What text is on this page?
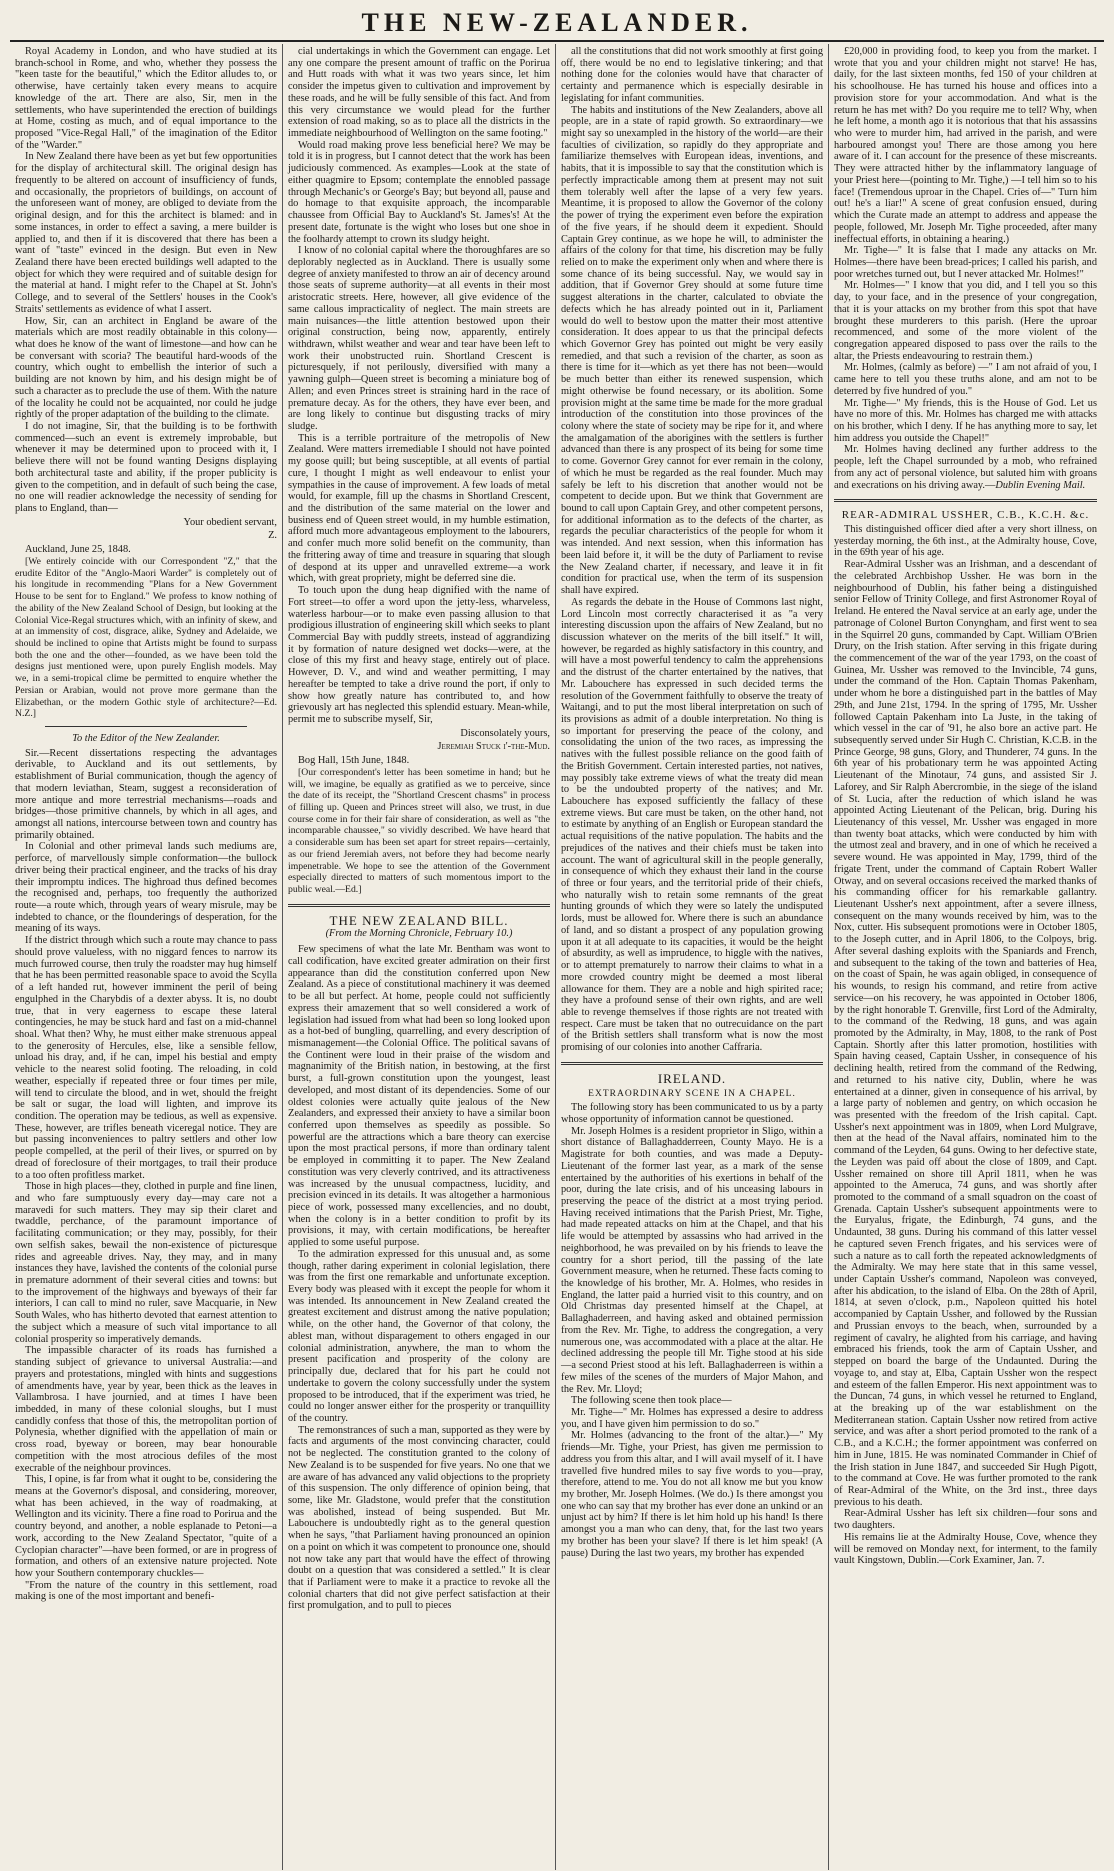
THE NEW-ZEALANDER.

Royal Academy in London, and who have studied at its branch-school in Rome, and who, whether they possess the "keen taste for the beautiful," which the Editor alludes to, or otherwise, have certainly taken every means to acquire knowledge of the art. There are also, Sir, men in the settlements, who have superintended the erection of buildings at Home, costing as much, and of equal importance to the proposed "Vice-Regal Hall," of the imagination of the Editor of the "Warder."

In New Zealand there have been as yet but few opportunities for the display of architectural skill. The original design has frequently to be altered on account of insufficiency of funds, and occasionally, the proprietors of buildings, on account of the unforeseen want of money, are obliged to deviate from the original design, and for this the architect is blamed: and in some instances, in order to effect a saving, a mere builder is applied to, and then if it is discovered that there has been a want of "taste" evinced in the design. But even in New Zealand there have been erected buildings well adapted to the object for which they were required and of suitable design for the material at hand. I might refer to the Chapel at St. John's College, and to several of the Settlers' houses in the Cook's Straits' settlements as evidence of what I assert.

How, Sir, can an architect in England be aware of the materials which are most readily obtainable in this colony—what does he know of the want of limestone—and how can he be conversant with scoria? The beautiful hard-woods of the country, which ought to embellish the interior of such a building are not known by him, and his design might be of such a character as to preclude the use of them. With the nature of the locality he could not be acquainted, nor could he judge rightly of the proper adaptation of the building to the climate.

I do not imagine, Sir, that the building is to be forthwith commenced—such an event is extremely improbable, but whenever it may be determined upon to proceed with it, I believe there will not be found wanting Designs displaying both architectural taste and ability, if the proper publicity is given to the competition, and in default of such being the case, no one will readier acknowledge the necessity of sending for plans to England, than—

Your obedient servant,
Z.

Auckland, June 25, 1848.

[We entirely coincide with our Correspondent "Z," that the erudite Editor of the "Anglo-Maori Warder" is completely out of his longitude in recommending "Plans for a New Government House to be sent for to England." We profess to know nothing of the ability of the New Zealand School of Design, but looking at the Colonial Vice-Regal structures which, with an infinity of skew, and at an immensity of cost, disgrace, alike, Sydney and Adelaide, we should be inclined to opine that Artists might be found to surpass both the one and the other—founded, as we have been told the designs just mentioned were, upon purely English models. May we, in a semi-tropical clime be permitted to enquire whether the Persian or Arabian, would not prove more germane than the Elizabethan, or the modern Gothic style of architecture?—Ed. N.Z.]

To the Editor of the New Zealander.

Sir.—Recent dissertations respecting the advantages derivable, to Auckland and its out settlements, by establishment of Burial communication, though the agency of that modern leviathan, Steam, suggest a reconsideration of more antique and more terrestrial mechanisms—roads and bridges—those primitive channels, by which in all ages, and amongst all nations, intercourse between town and country has primarily obtained.

In Colonial and other primeval lands such mediums are, perforce, of marvellously simple conformation—the bullock driver being their practical engineer, and the tracks of his dray their impromptu indices. The highroad thus defined becomes the recognised and, perhaps, too frequently the authorized route—a route which, through years of weary misrule, may be indebted to chance, or the flounderings of desperation, for the meaning of its ways.

If the district through which such a route may chance to pass should prove valueless, with no niggard fences to narrow its much furrowed course, then truly the roadster may hug himself that he has been permitted reasonable space to avoid the Scylla of a left handed rut, however imminent the peril of being engulphed in the Charybdis of a dexter abyss. It is, no doubt true, that in very eagerness to escape these lateral contingencies, he may be stuck hard and fast on a mid-channel shoal. What then? Why, he must either make strenuous appeal to the generosity of Hercules, else, like a sensible fellow, unload his dray, and, if he can, impel his bestial and empty vehicle to the nearest solid footing. The reloading, in cold weather, especially if repeated three or four times per mile, will tend to circulate the blood, and in wet, should the freight be salt or sugar, the load will lighten, and improve its condition. The operation may be tedious, as well as expensive. These, however, are trifles beneath viceregal notice. They are but passing inconveniences to paltry settlers and other low people compelled, at the peril of their lives, or spurred on by dread of foreclosure of their mortgages, to trail their produce to a too often profitless market.

Those in high places—they, clothed in purple and fine linen, and who fare sumptuously every day—may care not a maravedi for such matters. They may sip their claret and twaddle, perchance, of the paramount importance of facilitating communication; or they may, possibly, for their own selfish sakes, bewail the non-existence of picturesque rides and agreeable drives. Nay, they may, and in many instances they have, lavished the contents of the colonial purse in premature adornment of their several cities and towns: but to the improvement of the highways and byeways of their far interiors, I can call to mind no ruler, save Macquarie, in New South Wales, who has hitherto devoted that earnest attention to the subject which a measure of such vital importance to all colonial prosperity so imperatively demands.

The impassible character of its roads has furnished a standing subject of grievance to universal Australia:—and prayers and protestations, mingled with hints and suggestions of amendments have, year by year, been thick as the leaves in Vallambrosa. I have journied, and at times I have been imbedded, in many of these colonial sloughs, but I must candidly confess that those of this, the metropolitan portion of Polynesia, whether dignified with the appellation of main or cross road, byeway or boreen, may bear honourable competition with the most atrocious defiles of the most execrable of the neighbour provinces.

This, I opine, is far from what it ought to be, considering the means at the Governor's disposal, and considering, moreover, what has been achieved, in the way of roadmaking, at Wellington and its vicinity. There a fine road to Porirua and the country beyond, and another, a noble esplanade to Petoni—a work, according to the New Zealand Spectator, "quite of a Cyclopian character"—have been formed, or are in progress of formation, and others of an extensive nature projected. Note how your Southern contemporary chuckles—

"From the nature of the country in this settlement, road making is one of the most important and benefi-

cial undertakings in which the Government can engage. Let any one compare the present amount of traffic on the Porirua and Hutt roads with what it was two years since, let him consider the impetus given to cultivation and improvement by these roads, and he will be fully sensible of this fact. And from this very circumstance we would plead for the further extension of road making, so as to place all the districts in the immediate neighbourhood of Wellington on the same footing."

Would road making prove less beneficial here? We may be told it is in progress, but I cannot detect that the work has been judiciously commenced. As examples—Look at the state of either quagmire to Epsom; contemplate the ennobled passage through Mechanic's or George's Bay; but beyond all, pause and do homage to that exquisite approach, the incomparable chaussee from Official Bay to Auckland's St. James's! At the present date, fortunate is the wight who loses but one shoe in the foolhardy attempt to crown its sludgy height.

I know of no colonial capital where the thoroughfares are so deplorably neglected as in Auckland. There is usually some degree of anxiety manifested to throw an air of decency around those seats of supreme authority—at all events in their most aristocratic streets. Here, however, all give evidence of the same callous impracticality of neglect. The main streets are main nuisances—the little attention bestowed upon their original construction, being now, apparently, entirely withdrawn, whilst weather and wear and tear have been left to work their unobstructed ruin. Shortland Crescent is picturesquely, if not perilously, diversified with many a yawning gulph—Queen street is becoming a miniature bog of Allen; and even Princes street is straining hard in the race of premature decay. As for the others, they have ever been, and are long likely to continue but disgusting tracks of miry sludge.

This is a terrible portraiture of the metropolis of New Zealand. Were matters irremediable I should not have pointed my goose quill; but being susceptible, at all events of partial cure, I thought I might as well endeavour to enlist your sympathies in the cause of improvement. A few loads of metal would, for example, fill up the chasms in Shortland Crescent, and the distribution of the same material on the lower and business end of Queen street would, in my humble estimation, afford much more advantageous employment to the labourers, and confer much more solid benefit on the community, than the frittering away of time and treasure in squaring that slough of despond at its upper and unravelled extreme—a work which, with great propriety, might be deferred sine die.

To touch upon the dung heap dignified with the name of Fort street—to offer a word upon the jetty-less, wharveless, waterless harbour—or to make even passing allusion to that prodigious illustration of engineering skill which seeks to plant Commercial Bay with puddly streets, instead of aggrandizing it by formation of nature designed wet docks—were, at the close of this my first and heavy stage, entirely out of place. However, D. V., and wind and weather permitting, I may hereafter be tempted to take a drive round the port, if only to show how greatly nature has contributed to, and how grievously art has neglected this splendid estuary. Mean-while, permit me to subscribe myself, Sir,

Disconsolately yours,
Jeremiah Stuck i'-the-Mud.

Bog Hall, 15th June, 1848.

[Our correspondent's letter has been sometime in hand; but he will, we imagine, be equally as gratified as we to perceive, since the date of its receipt, the "Shortland Crescent chasms" in process of filling up. Queen and Princes street will also, we trust, in due course come in for their fair share of consideration, as well as "the incomparable chaussee," so vividly described. We have heard that a considerable sum has been set apart for street repairs—certainly, as our friend Jeremiah avers, not before they had become nearly impenetrable. We hope to see the attention of the Government especially directed to matters of such momentous import to the public weal.—Ed.]

THE NEW ZEALAND BILL.
(From the Morning Chronicle, February 10.)

Few specimens of what the late Mr. Bentham was wont to call codification, have excited greater admiration on their first appearance than did the constitution conferred upon New Zealand. As a piece of constitutional machinery it was deemed to be all but perfect. At home, people could not sufficiently express their amazement that so well considered a work of legislation had issued from what had been so long looked upon as a hot-bed of bungling, quarrelling, and every description of mismanagement—the Colonial Office. The political savans of the Continent were loud in their praise of the wisdom and magnanimity of the British nation, in bestowing, at the first burst, a full-grown constitution upon the youngest, least developed, and most distant of its dependencies. Some of our oldest colonies were actually quite jealous of the New Zealanders, and expressed their anxiety to have a similar boon conferred upon themselves as speedily as possible. So powerful are the attractions which a bare theory can exercise upon the most practical persons, if more than ordinary talent be employed in committing it to paper. The New Zealand constitution was very cleverly contrived, and its attractiveness was increased by the unusual compactness, lucidity, and precision evinced in its details. It was altogether a harmonious piece of work, possessed many excellencies, and no doubt, when the colony is in a better condition to profit by its provisions, it may, with certain modifications, be hereafter applied to some useful purpose.

To the admiration expressed for this unusual and, as some though, rather daring experiment in colonial legislation, there was from the first one remarkable and unfortunate exception. Every body was pleased with it except the people for whom it was intended. Its announcement in New Zealand created the greatest excitement and distrust among the native population; while, on the other hand, the Governor of that colony, the ablest man, without disparagement to others engaged in our colonial administration, anywhere, the man to whom the present pacification and prosperity of the colony are principally due, declared that for his part he could not undertake to govern the colony successfully under the system proposed to be introduced, that if the experiment was tried, he could no longer answer either for the prosperity or tranquillity of the country.

The remonstrances of such a man, supported as they were by facts and arguments of the most convincing character, could not be neglected. The constitution granted to the colony of New Zealand is to be suspended for five years. No one that we are aware of has advanced any valid objections to the propriety of this suspension. The only difference of opinion being, that some, like Mr. Gladstone, would prefer that the constitution was abolished, instead of being suspended. But Mr. Labouchere is undoubtedly right as to the general question when he says, "that Parliament having pronounced an opinion on a point on which it was competent to pronounce one, should not now take any part that would have the effect of throwing doubt on a question that was considered a settled." It is clear that if Parliament were to make it a practice to revoke all the colonial charters that did not give perfect satisfaction at their first promulgation, and to pull to pieces

all the constitutions that did not work smoothly at first going off, there would be no end to legislative tinkering; and that nothing done for the colonies would have that character of certainty and permanence which is especially desirable in legislating for infant communities.

The habits and institutions of the New Zealanders, above all people, are in a state of rapid growth. So extraordinary—we might say so unexampled in the history of the world—are their faculties of civilization, so rapidly do they appropriate and familiarize themselves with European ideas, inventions, and habits, that it is impossible to say that the constitution which is perfectly impracticable among them at present may not suit them tolerably well after the lapse of a very few years. Meantime, it is proposed to allow the Governor of the colony the power of trying the experiment even before the expiration of the five years, if he should deem it expedient. Should Captain Grey continue, as we hope he will, to administer the affairs of the colony for that time, his discretion may be fully relied on to make the experiment only when and where there is some chance of its being successful. Nay, we would say in addition, that if Governor Grey should at some future time suggest alterations in the charter, calculated to obviate the defects which he has already pointed out in it, Parliament would do well to bestow upon the matter their most attentive consideration. It does appear to us that the principal defects which Governor Grey has pointed out might be very easily remedied, and that such a revision of the charter, as soon as there is time for it—which as yet there has not been—would be much better than either its renewed suspension, which might otherwise be found necessary, or its abolition. Some provision might at the same time be made for the more gradual introduction of the constitution into those provinces of the colony where the state of society may be ripe for it, and where the amalgamation of the aborigines with the settlers is further advanced than there is any prospect of its being for some time to come. Governor Grey cannot for ever remain in the colony, of which he must be regarded as the real founder. Much may safely be left to his discretion that another would not be competent to decide upon. But we think that Government are bound to call upon Captain Grey, and other competent persons, for additional information as to the defects of the charter, as regards the peculiar characteristics of the people for whom it was intended. And next session, when this information has been laid before it, it will be the duty of Parliament to revise the New Zealand charter, if necessary, and leave it in fit condition for practical use, when the term of its suspension shall have expired.

As regards the debate in the House of Commons last night, Lord Lincoln most correctly characterised it as "a very interesting discussion upon the affairs of New Zealand, but no discussion whatever on the merits of the bill itself." It will, however, be regarded as highly satisfactory in this country, and will have a most powerful tendency to calm the apprehensions and the distrust of the charter entertained by the natives, that Mr. Labouchere has expressed in such decided terms the resolution of the Government faithfully to observe the treaty of Waitangi, and to put the most liberal interpretation on such of its provisions as admit of a double interpretation. No thing is so important for preserving the peace of the colony, and consolidating the union of the two races, as impressing the natives with the fullest possible reliance on the good faith of the British Government. Certain interested parties, not natives, may possibly take extreme views of what the treaty did mean to be the undoubted property of the natives; and Mr. Labouchere has exposed sufficiently the fallacy of these extreme views. But care must be taken, on the other hand, not to estimate by anything of an English or European standard the actual requisitions of the native population. The habits and the prejudices of the natives and their chiefs must be taken into account. The want of agricultural skill in the people generally, in consequence of which they exhaust their land in the course of three or four years, and the territorial pride of their chiefs, who naturally wish to retain some remnants of the great hunting grounds of which they were so lately the undisputed lords, must be allowed for. Where there is such an abundance of land, and so distant a prospect of any population growing upon it at all adequate to its capacities, it would be the height of absurdity, as well as imprudence, to higgle with the natives, or to attempt prematurely to narrow their claims to what in a more crowded country might be deemed a most liberal allowance for them. They are a noble and high spirited race; they have a profound sense of their own rights, and are well able to revenge themselves if those rights are not treated with respect. Care must be taken that no outrecuidance on the part of the British settlers shall transform what is now the most promising of our colonies into another Caffraria.

IRELAND.
EXTRAORDINARY SCENE IN A CHAPEL.

The following story has been communicated to us by a party whose opportunity of information cannot be questioned.

Mr. Joseph Holmes is a resident proprietor in Sligo, within a short distance of Ballaghadderreen, County Mayo. He is a Magistrate for both counties, and was made a Deputy-Lieutenant of the former last year, as a mark of the sense entertained by the authorities of his exertions in behalf of the poor, during the late crisis, and of his unceasing labours in preserving the peace of the district at a most trying period. Having received intimations that the Parish Priest, Mr. Tighe, had made repeated attacks on him at the Chapel, and that his life would be attempted by assassins who had arrived in the neighborhood, he was prevailed on by his friends to leave the country for a short period, till the passing of the late Government measure, when he returned. These facts coming to the knowledge of his brother, Mr. A. Holmes, who resides in England, the latter paid a hurried visit to this country, and on Old Christmas day presented himself at the Chapel, at Ballaghaderreen, and having asked and obtained permission from the Rev. Mr. Tighe, to address the congregation, a very numerous one, was accommodated with a place at the altar. He declined addressing the people till Mr. Tighe stood at his side—a second Priest stood at his left. Ballaghaderreen is within a few miles of the scenes of the murders of Major Mahon, and the Rev. Mr. Lloyd;

The following scene then took place—

Mr. Tighe—" Mr. Holmes has expressed a desire to address you, and I have given him permission to do so."

Mr. Holmes (advancing to the front of the altar.)—" My friends—Mr. Tighe, your Priest, has given me permission to address you from this altar, and I will avail myself of it. I have travelled five hundred miles to say five words to you—pray, therefore, attend to me. You do not all know me but you know my brother, Mr. Joseph Holmes. (We do.) Is there amongst you one who can say that my brother has ever done an unkind or an unjust act by him? If there is let him hold up his hand! Is there amongst you a man who can deny, that, for the last two years my brother has been your slave? If there is let him speak! (A pause) During the last two years, my brother has expended

£20,000 in providing food, to keep you from the market. I wrote that you and your children might not starve! He has, daily, for the last sixteen months, fed 150 of your children at his schoolhouse. He has turned his house and offices into a provision store for your accommodation. And what is the return he has met with? Do you require me to tell? Why, when he left home, a month ago it is notorious that that his assassins who were to murder him, had arrived in the parish, and were harboured amongst you! There are those among you here aware of it. I can account for the presence of these miscreants. They were attracted hither by the inflammatory language of your Priest here—(pointing to Mr. Tighe,) —I tell him so to his face! (Tremendous uproar in the Chapel. Cries of—" Turn him out! he's a liar!" A scene of great confusion ensued, during which the Curate made an attempt to address and appease the people, followed, Mr. Joseph Mr. Tighe proceeded, after many ineffectual efforts, in obtaining a hearing.)

Mr. Tighe—" It is false that I made any attacks on Mr. Holmes—there have been bread-prices; I called his parish, and poor wretches turned out, but I never attacked Mr. Holmes!"

Mr. Holmes—" I know that you did, and I tell you so this day, to your face, and in the presence of your congregation, that it is your attacks on my brother from this spot that have brought these murderers to this parish. (Here the uproar recommenced, and some of the more violent of the congregation appeared disposed to pass over the rails to the altar, the Priests endeavouring to restrain them.)

Mr. Holmes, (calmly as before) —" I am not afraid of you, I came here to tell you these truths alone, and am not to be deterred by five hundred of you."

Mr. Tighe—" My friends, this is the House of God. Let us have no more of this. Mr. Holmes has charged me with attacks on his brother, which I deny. If he has anything more to say, let him address you outside the Chapel!"

Mr. Holmes having declined any further address to the people, left the Chapel surrounded by a mob, who refrained from any act of personal violence, but saluted him with groans and execrations on his driving away.—Dublin Evening Mail.

REAR-ADMIRAL USSHER, C.B., K.C.H. &c.

This distinguished officer died after a very short illness, on yesterday morning, the 6th inst., at the Admiralty house, Cove, in the 69th year of his age.

Rear-Admiral Ussher was an Irishman, and a descendant of the celebrated Archbishop Ussher. He was born in the neighbourhood of Dublin, his father being a distinguished senior Fellow of Trinity College, and first Astronomer Royal of Ireland. He entered the Naval service at an early age, under the patronage of Colonel Burton Conyngham, and first went to sea in the Squirrel 20 guns, commanded by Capt. William O'Brien Drury, on the Irish station. After serving in this frigate during the commencement of the war of the year 1793, on the coast of Guinea, Mr. Ussher was removed to the Invincible, 74 guns, under the command of the Hon. Captain Thomas Pakenham, under whom he bore a distinguished part in the battles of May 29th, and June 21st, 1794. In the spring of 1795, Mr. Ussher followed Captain Pakenham into La Juste, in the taking of which vessel in the car of '91, he also bore an active part. He subsequently served under Sir Hugh C. Christian, K.C.B. in the Prince George, 98 guns, Glory, and Thunderer, 74 guns. In the 6th year of his probationary term he was appointed Acting Lieutenant of the Minotaur, 74 guns, and assisted Sir J. Laforey, and Sir Ralph Abercrombie, in the siege of the island of St. Lucia, after the reduction of which island he was appointed Acting Lieutenant of the Pelican, brig. During his Lieutenancy of this vessel, Mr. Ussher was engaged in more than twenty boat attacks, which were conducted by him with the utmost zeal and bravery, and in one of which he received a severe wound. He was appointed in May, 1799, third of the frigate Trent, under the command of Captain Robert Waller Otway, and on several occasions received the marked thanks of his commanding officer for his remarkable gallantry. Lieutenant Ussher's next appointment, after a severe illness, consequent on the many wounds received by him, was to the Nox, cutter. His subsequent promotions were in October 1805, to the Joseph cutter, and in April 1806, to the Colpoys, brig. After several dashing exploits with the Spaniards and French, and subsequent to the taking of the town and batteries of Hea, on the coast of Spain, he was again obliged, in consequence of his wounds, to resign his command, and retire from active service—on his recovery, he was appointed in October 1806, by the right honorable T. Grenville, first Lord of the Admiralty, to the command of the Redwing, 18 guns, and was again promoted by the Admiralty, in May, 1808, to the rank of Post Captain. Shortly after this latter promotion, hostilities with Spain having ceased, Captain Ussher, in consequence of his declining health, retired from the command of the Redwing, and returned to his native city, Dublin, where he was entertained at a dinner, given in consequence of his arrival, by a large party of noblemen and gentry, on which occasion he was presented with the freedom of the Irish capital. Capt. Ussher's next appointment was in 1809, when Lord Mulgrave, then at the head of the Naval affairs, nominated him to the command of the Leyden, 64 guns. Owing to her defective state, the Leyden was paid off about the close of 1809, and Capt. Ussher remained on shore till April 1811, when he was appointed to the Ameruca, 74 guns, and was shortly after promoted to the command of a small squadron on the coast of Grenada. Captain Ussher's subsequent appointments were to the Euryalus, frigate, the Edinburgh, 74 guns, and the Undaunted, 38 guns. During his command of this latter vessel he captured seven French frigates, and his services were of such a nature as to call forth the repeated acknowledgments of the Admiralty. We may here state that in this same vessel, under Captain Ussher's command, Napoleon was conveyed, after his abdication, to the island of Elba. On the 28th of April, 1814, at seven o'clock, p.m., Napoleon quitted his hotel accompanied by Captain Ussher, and followed by the Russian and Prussian envoys to the beach, when, surrounded by a regiment of cavalry, he alighted from his carriage, and having embraced his friends, took the arm of Captain Ussher, and stepped on board the barge of the Undaunted. During the voyage to, and stay at, Elba, Captain Ussher won the respect and esteem of the fallen Emperor. His next appointment was to the Duncan, 74 guns, in which vessel he returned to England, at the breaking up of the war establishment on the Mediterranean station. Captain Ussher now retired from active service, and was after a short period promoted to the rank of a C.B., and a K.C.H.; the former appointment was conferred on him in June, 1815. He was nominated Commander in Chief of the Irish station in June 1847, and succeeded Sir Hugh Pigott, to the command at Cove. He was further promoted to the rank of Rear-Admiral of the White, on the 3rd inst., three days previous to his death.

Rear-Admiral Ussher has left six children—four sons and two daughters.

His remains lie at the Admiralty House, Cove, whence they will be removed on Monday next, for interment, to the family vault Kingstown, Dublin.—Cork Examiner, Jan. 7.
